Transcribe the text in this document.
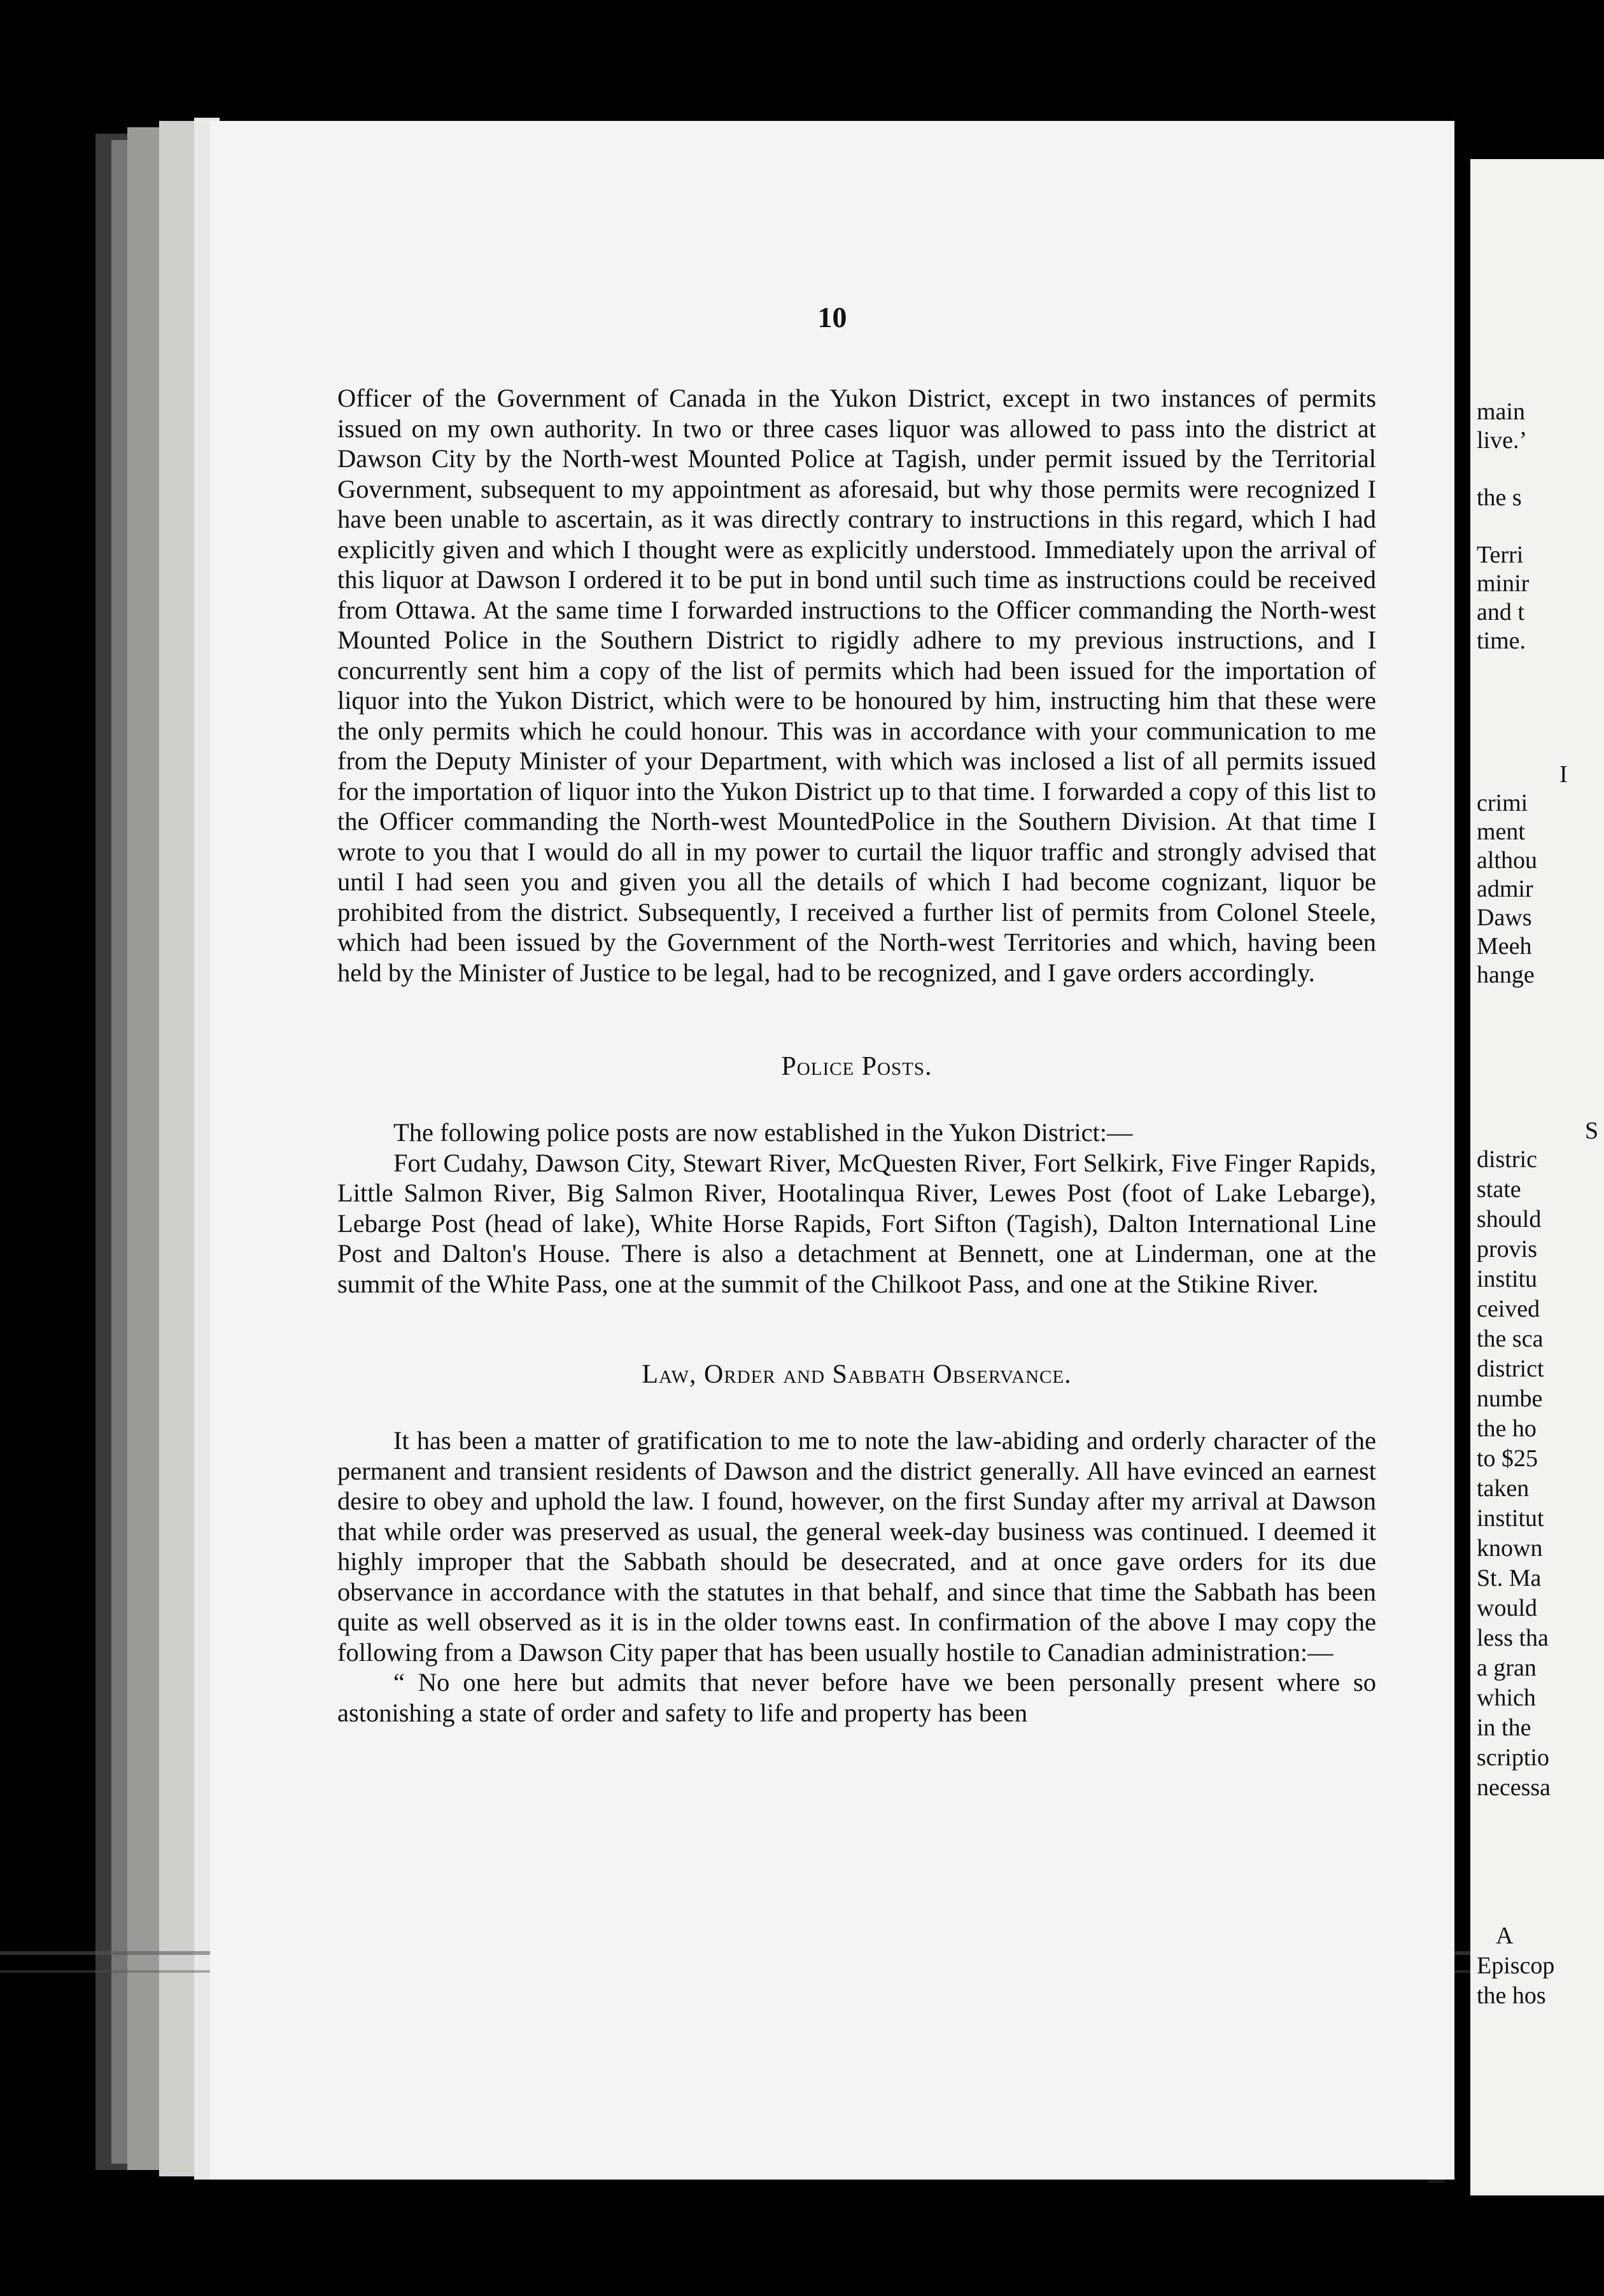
10

Officer of the Government of Canada in the Yukon District, except in two instances of permits issued on my own authority. In two or three cases liquor was allowed to pass into the district at Dawson City by the North-west Mounted Police at Tagish, under permit issued by the Territorial Government, subsequent to my appointment as aforesaid, but why those permits were recognized I have been unable to ascertain, as it was directly contrary to instructions in this regard, which I had explicitly given and which I thought were as explicitly understood. Immediately upon the arrival of this liquor at Dawson I ordered it to be put in bond until such time as instructions could be received from Ottawa. At the same time I forwarded instructions to the Officer commanding the North-west Mounted Police in the Southern District to rigidly adhere to my previous instructions, and I concurrently sent him a copy of the list of permits which had been issued for the importation of liquor into the Yukon District, which were to be honoured by him, instructing him that these were the only permits which he could honour. This was in accordance with your communication to me from the Deputy Minister of your Department, with which was inclosed a list of all permits issued for the importation of liquor into the Yukon District up to that time. I forwarded a copy of this list to the Officer commanding the North-west MountedPolice in the Southern Division. At that time I wrote to you that I would do all in my power to curtail the liquor traffic and strongly advised that until I had seen you and given you all the details of which I had become cognizant, liquor be prohibited from the district. Subsequently, I received a further list of permits from Colonel Steele, which had been issued by the Government of the North-west Territories and which, having been held by the Minister of Justice to be legal, had to be recognized, and I gave orders accordingly.

Police Posts.

The following police posts are now established in the Yukon District:—

Fort Cudahy, Dawson City, Stewart River, McQuesten River, Fort Selkirk, Five Finger Rapids, Little Salmon River, Big Salmon River, Hootalinqua River, Lewes Post (foot of Lake Lebarge), Lebarge Post (head of lake), White Horse Rapids, Fort Sifton (Tagish), Dalton International Line Post and Dalton's House. There is also a detachment at Bennett, one at Linderman, one at the summit of the White Pass, one at the summit of the Chilkoot Pass, and one at the Stikine River.

Law, Order and Sabbath Observance.

It has been a matter of gratification to me to note the law-abiding and orderly character of the permanent and transient residents of Dawson and the district generally. All have evinced an earnest desire to obey and uphold the law. I found, however, on the first Sunday after my arrival at Dawson that while order was preserved as usual, the general week-day business was continued. I deemed it highly improper that the Sabbath should be desecrated, and at once gave orders for its due observance in accordance with the statutes in that behalf, and since that time the Sabbath has been quite as well observed as it is in the older towns east. In confirmation of the above I may copy the following from a Dawson City paper that has been usually hostile to Canadian administration:—

“ No one here but admits that never before have we been personally present where so astonishing a state of order and safety to life and property has been

main
live.’
the s
Terri
minir
and t
time.
I
crimi
ment
althou
admir
Daws
Meeh
hange
S
distric
state
should
provis
institu
ceived
the sca
district
numbe
the ho
to $25
taken
institut
known
St. Ma
would
less tha
a gran
which
in the
scriptio
necessa
A
Episcop
the hos
